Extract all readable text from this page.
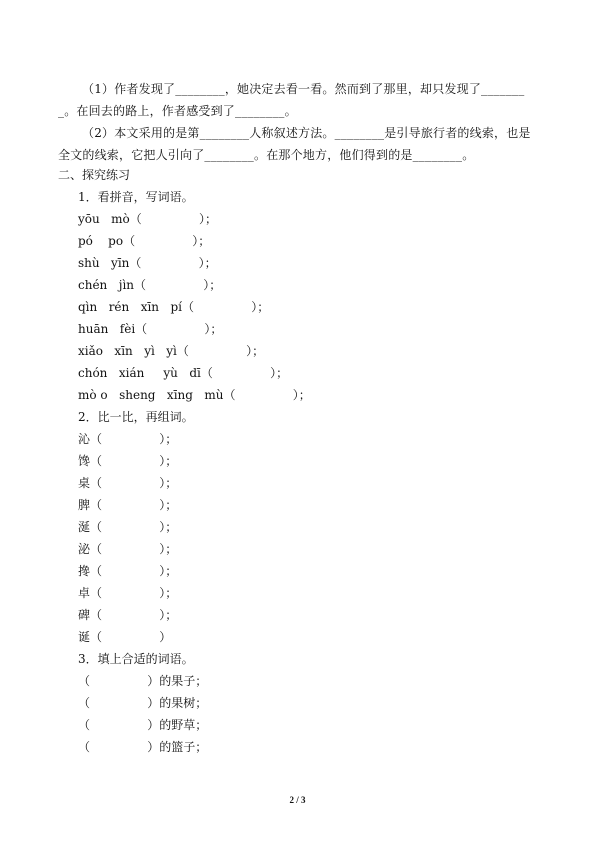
（1）作者发现了________，她决定去看一看。然而到了那里，却只发现了________。在回去的路上，作者感受到了________。
（2）本文采用的是第________人称叙述方法。________是引导旅行者的线索，也是全文的线索，它把人引向了________。在那个地方，他们得到的是________。
二、探究练习
1．看拼音，写词语。
yōu   mò（               ）；
pó    po（               ）；
shù   yīn（               ）；
chén   jìn（               ）；
qìn   rén   xīn   pí（               ）；
huān   fèi（               ）；
xiǎo   xīn   yì   yì（               ）；
chón   xián     yù   dī（               ）；
mò o   sheng   xīng   mù（               ）；
2．比一比，再组词。
沁（               ）；
馋（               ）；
桌（               ）；
脾（               ）；
涎（               ）；
泌（               ）；
搀（               ）；
卓（               ）；
碑（               ）；
诞（               ）
3．填上合适的词语。
（               ）的果子；
（               ）的果树；
（               ）的野草；
（               ）的篮子；
2 / 3
